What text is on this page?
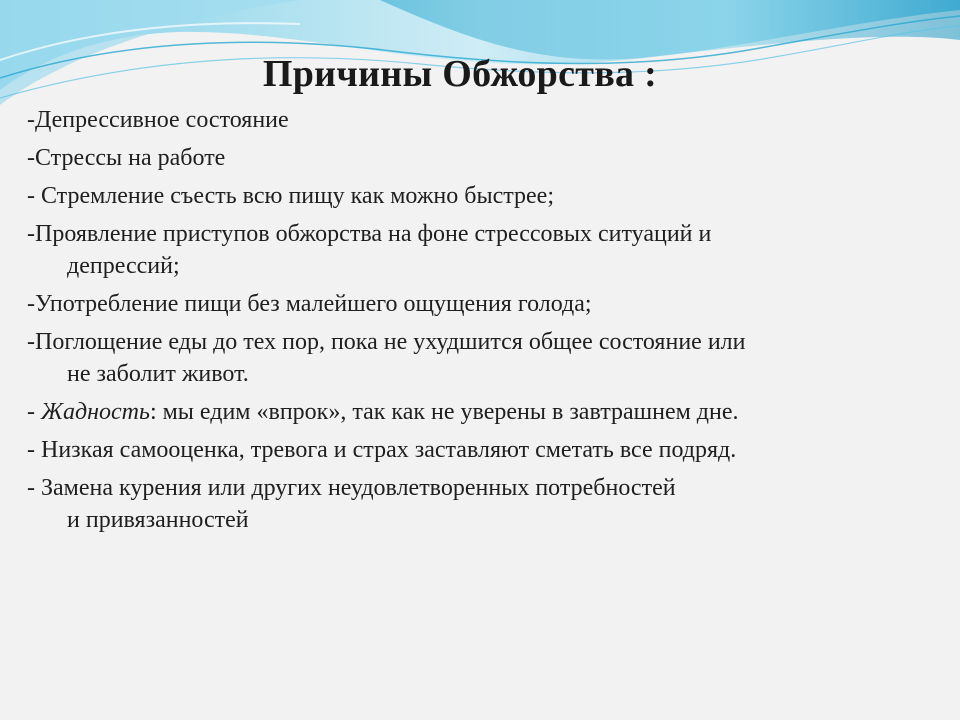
Причины Обжорства :
-Депрессивное состояние
-Стрессы на работе
- Стремление съесть всю пищу как можно быстрее;
-Проявление приступов обжорства на фоне стрессовых ситуаций и
депрессий;
-Употребление пищи без малейшего ощущения голода;
-Поглощение еды до тех пор, пока не ухудшится общее состояние или
не заболит живот.
- Жадность: мы едим «впрок», так как не уверены в завтрашнем дне.
- Низкая самооценка, тревога и страх заставляют сметать все подряд.
- Замена курения или других неудовлетворенных потребностей
и привязанностей
